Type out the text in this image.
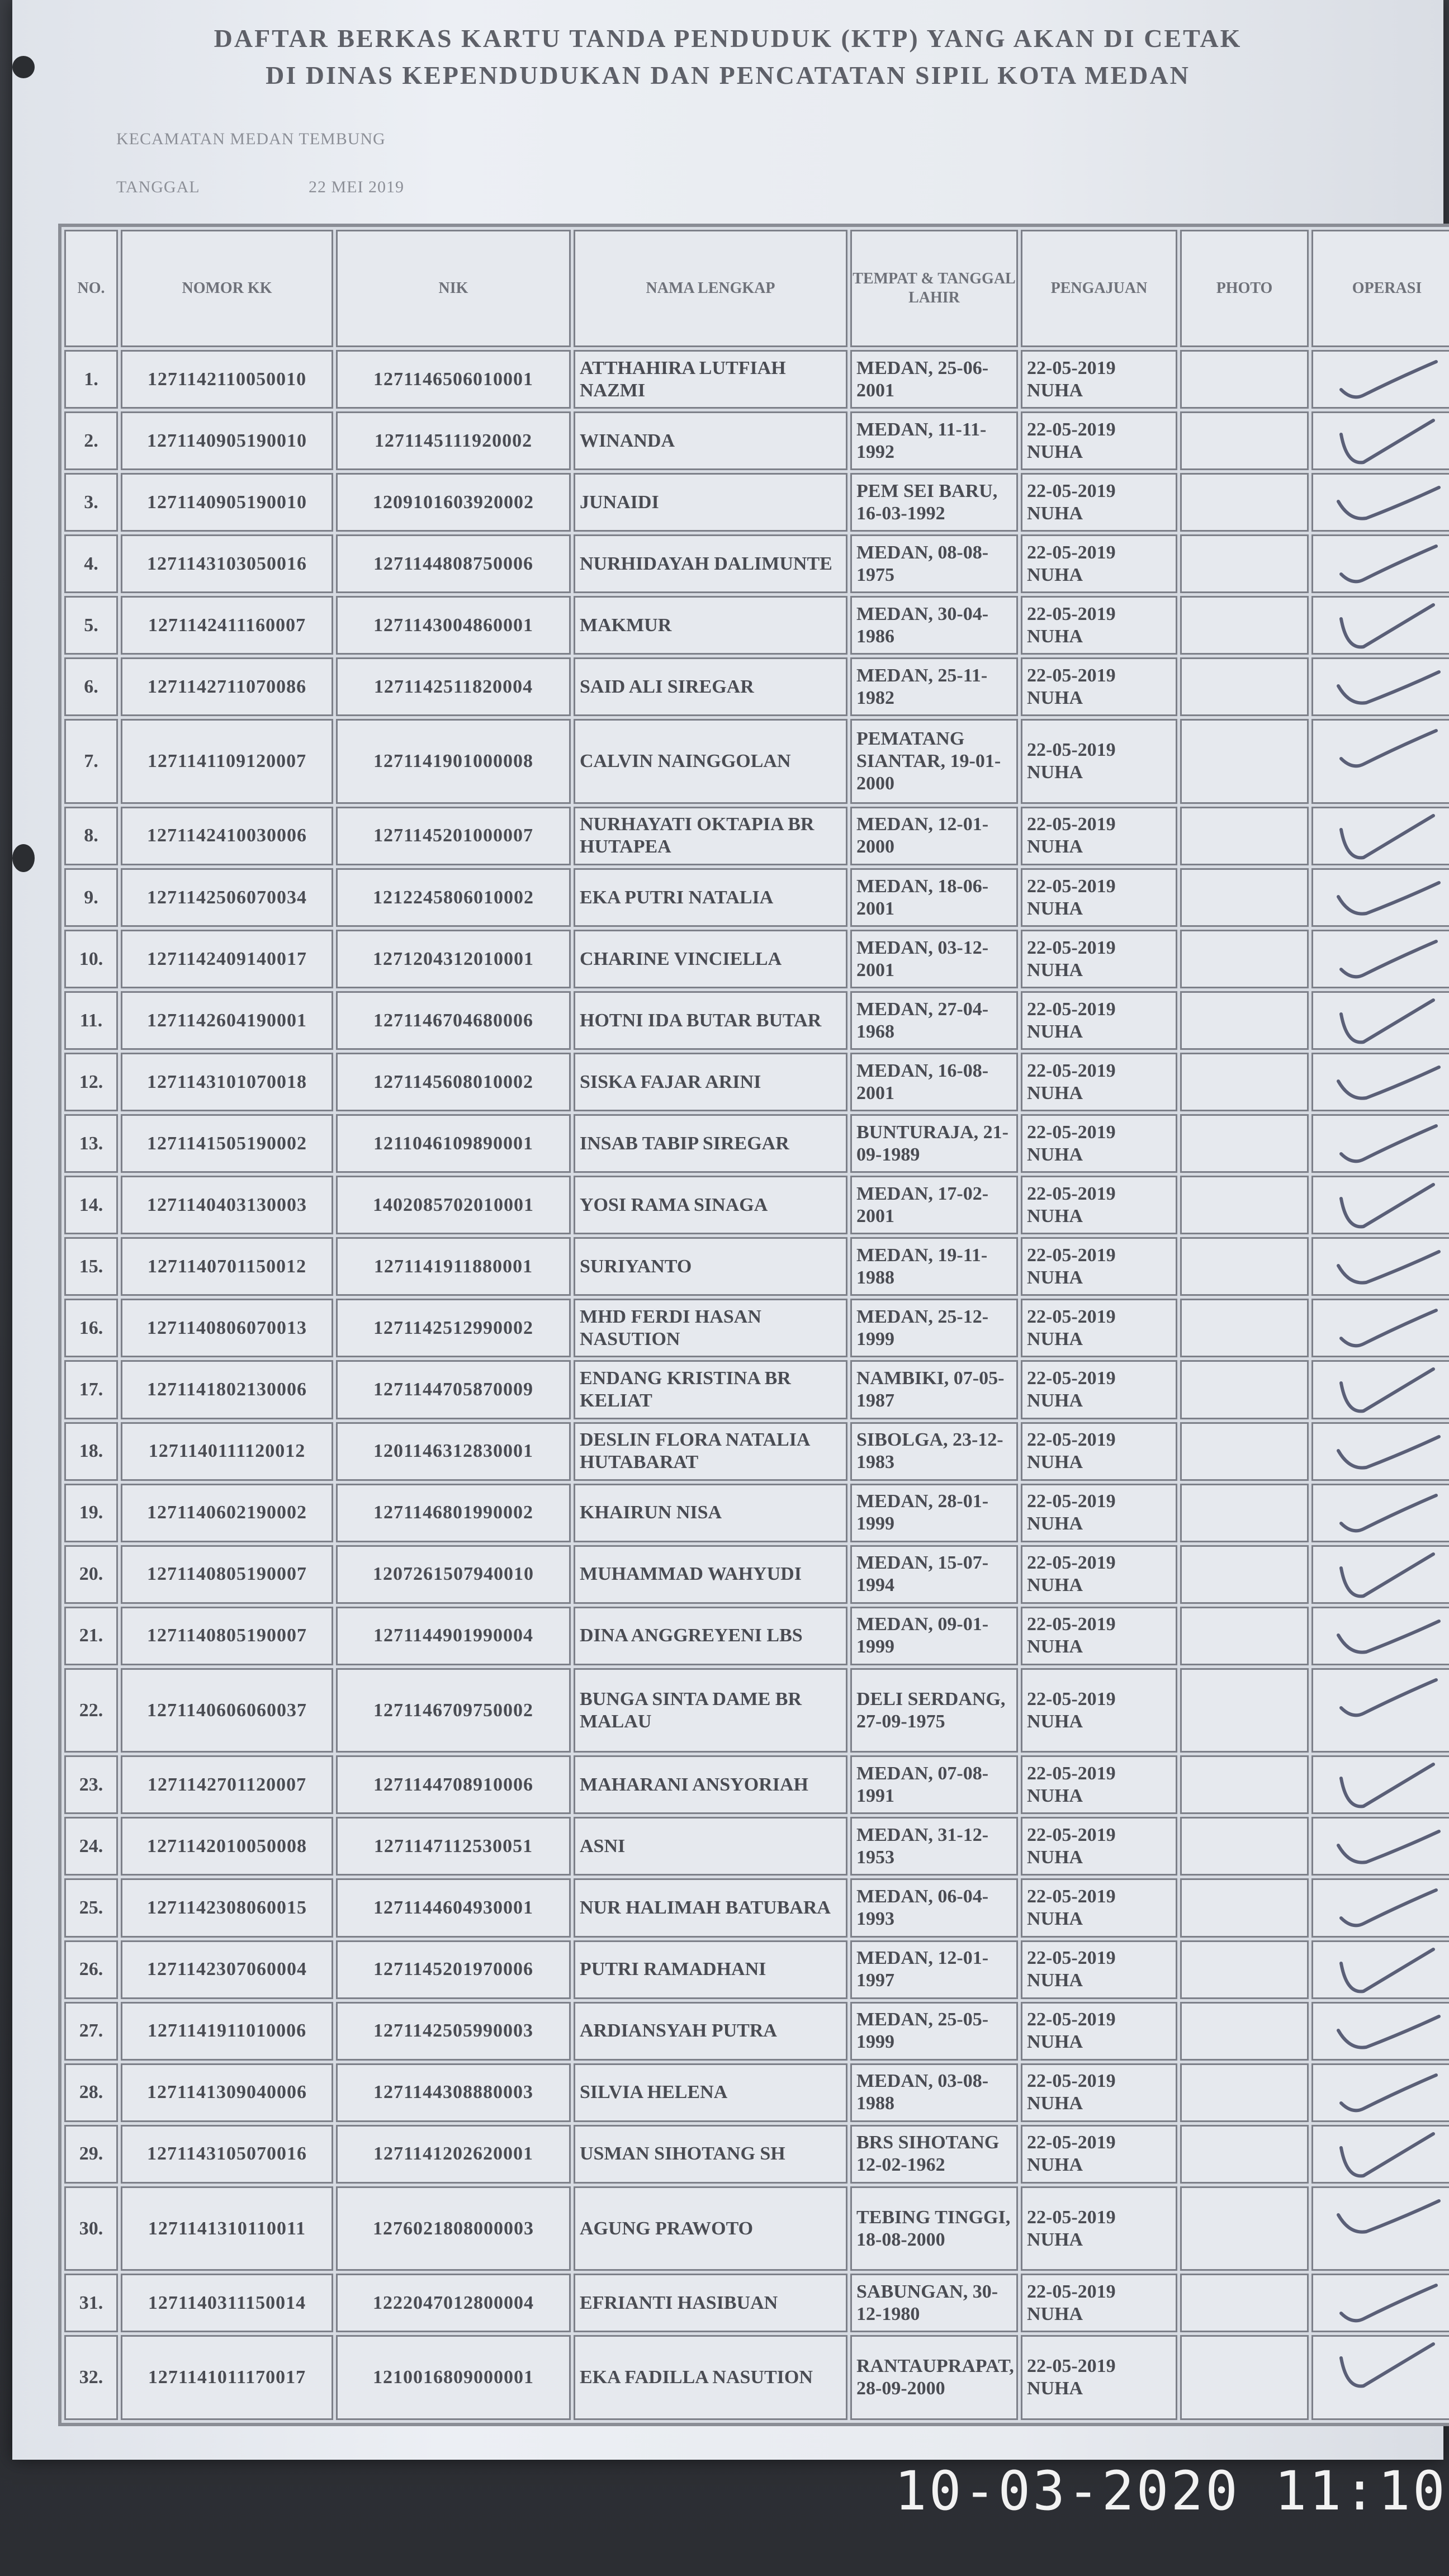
DAFTAR BERKAS KARTU TANDA PENDUDUK (KTP) YANG AKAN DI CETAK
DI DINAS KEPENDUDUKAN DAN PENCATATAN SIPIL KOTA MEDAN
KECAMATAN MEDAN TEMBUNG
TANGGAL	22 MEI 2019
NO.	NOMOR KK	NIK	NAMA LENGKAP	TEMPAT & TANGGAL LAHIR	PENGAJUAN	PHOTO	OPERASI
1.	1271142110050010	1271146506010001	ATTHAHIRA LUTFIAH NAZMI	MEDAN, 25-06-2001	22-05-2019 NUHA		

2.	1271140905190010	1271145111920002	WINANDA	MEDAN, 11-11-1992	22-05-2019 NUHA		

3.	1271140905190010	1209101603920002	JUNAIDI	PEM SEI BARU, 16-03-1992	22-05-2019 NUHA		

4.	1271143103050016	1271144808750006	NURHIDAYAH DALIMUNTE	MEDAN, 08-08-1975	22-05-2019 NUHA		

5.	1271142411160007	1271143004860001	MAKMUR	MEDAN, 30-04-1986	22-05-2019 NUHA		

6.	1271142711070086	1271142511820004	SAID ALI SIREGAR	MEDAN, 25-11-1982	22-05-2019 NUHA		

7.	1271141109120007	1271141901000008	CALVIN NAINGGOLAN	PEMATANG SIANTAR, 19-01-2000	22-05-2019 NUHA		

8.	1271142410030006	1271145201000007	NURHAYATI OKTAPIA BR HUTAPEA	MEDAN, 12-01-2000	22-05-2019 NUHA		

9.	1271142506070034	1212245806010002	EKA PUTRI NATALIA	MEDAN, 18-06-2001	22-05-2019 NUHA		

10.	1271142409140017	1271204312010001	CHARINE VINCIELLA	MEDAN, 03-12-2001	22-05-2019 NUHA		

11.	1271142604190001	1271146704680006	HOTNI IDA BUTAR BUTAR	MEDAN, 27-04-1968	22-05-2019 NUHA		

12.	1271143101070018	1271145608010002	SISKA FAJAR ARINI	MEDAN, 16-08-2001	22-05-2019 NUHA		

13.	1271141505190002	1211046109890001	INSAB TABIP SIREGAR	BUNTURAJA, 21-09-1989	22-05-2019 NUHA		

14.	1271140403130003	1402085702010001	YOSI RAMA SINAGA	MEDAN, 17-02-2001	22-05-2019 NUHA		

15.	1271140701150012	1271141911880001	SURIYANTO	MEDAN, 19-11-1988	22-05-2019 NUHA		

16.	1271140806070013	1271142512990002	MHD FERDI HASAN NASUTION	MEDAN, 25-12-1999	22-05-2019 NUHA		

17.	1271141802130006	1271144705870009	ENDANG KRISTINA BR KELIAT	NAMBIKI, 07-05-1987	22-05-2019 NUHA		

18.	1271140111120012	1201146312830001	DESLIN FLORA NATALIA HUTABARAT	SIBOLGA, 23-12-1983	22-05-2019 NUHA		

19.	1271140602190002	1271146801990002	KHAIRUN NISA	MEDAN, 28-01-1999	22-05-2019 NUHA		

20.	1271140805190007	1207261507940010	MUHAMMAD WAHYUDI	MEDAN, 15-07-1994	22-05-2019 NUHA		

21.	1271140805190007	1271144901990004	DINA ANGGREYENI LBS	MEDAN, 09-01-1999	22-05-2019 NUHA		

22.	1271140606060037	1271146709750002	BUNGA SINTA DAME BR MALAU	DELI SERDANG, 27-09-1975	22-05-2019 NUHA		

23.	1271142701120007	1271144708910006	MAHARANI ANSYORIAH	MEDAN, 07-08-1991	22-05-2019 NUHA		

24.	1271142010050008	1271147112530051	ASNI	MEDAN, 31-12-1953	22-05-2019 NUHA		

25.	1271142308060015	1271144604930001	NUR HALIMAH BATUBARA	MEDAN, 06-04-1993	22-05-2019 NUHA		

26.	1271142307060004	1271145201970006	PUTRI RAMADHANI	MEDAN, 12-01-1997	22-05-2019 NUHA		

27.	1271141911010006	1271142505990003	ARDIANSYAH PUTRA	MEDAN, 25-05-1999	22-05-2019 NUHA		

28.	1271141309040006	1271144308880003	SILVIA HELENA	MEDAN, 03-08-1988	22-05-2019 NUHA		

29.	1271143105070016	1271141202620001	USMAN SIHOTANG SH	BRS SIHOTANG 12-02-1962	22-05-2019 NUHA		

30.	1271141310110011	1276021808000003	AGUNG PRAWOTO	TEBING TINGGI, 18-08-2000	22-05-2019 NUHA		

31.	1271140311150014	1222047012800004	EFRIANTI HASIBUAN	SABUNGAN, 30-12-1980	22-05-2019 NUHA		

32.	1271141011170017	1210016809000001	EKA FADILLA NASUTION	RANTAUPRAPAT, 28-09-2000	22-05-2019 NUHA		
10-03-2020 11:10
